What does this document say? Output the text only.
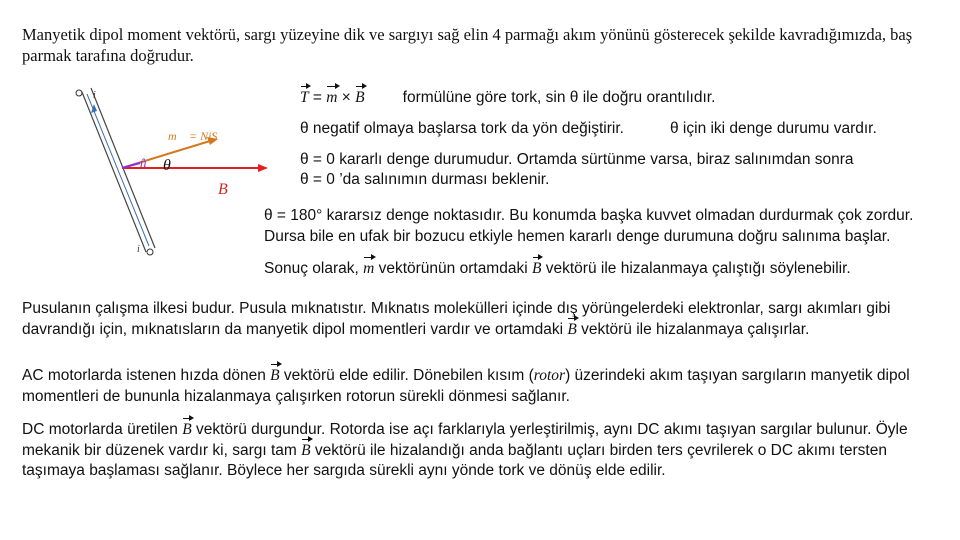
Manyetik dipol moment vektörü, sargı yüzeyine dik ve sargıyı sağ elin 4 parmağı akım yönünü gösterecek şekilde kavradığımızda, baş parmak tarafına doğrudur.

i
i
B⃗
m⃗ = NiS⃗
n̂ θ
T = m × B formülüne göre tork, sin θ ile doğru orantılıdır.

θ negatif olmaya başlarsa tork da yön değiştirir.	θ için iki denge durumu vardır.

θ = 0 kararlı denge durumudur. Ortamda sürtünme varsa, biraz salınımdan sonra

θ = 0 ’da salınımın durması beklenir.

θ = 180° kararsız denge noktasıdır. Bu konumda başka kuvvet olmadan durdurmak çok zordur.

Dursa bile en ufak bir bozucu etkiyle hemen kararlı denge durumuna doğru salınıma başlar.

Sonuç olarak, m vektörünün ortamdaki B vektörü ile hizalanmaya çalıştığı söylenebilir.

Pusulanın çalışma ilkesi budur. Pusula mıknatıstır. Mıknatıs molekülleri içinde dış yörüngelerdeki elektronlar, sargı akımları gibi davrandığı için, mıknatısların da manyetik dipol momentleri vardır ve ortamdaki B vektörü ile hizalanmaya çalışırlar.

AC motorlarda istenen hızda dönen B vektörü elde edilir. Dönebilen kısım (rotor) üzerindeki akım taşıyan sargıların manyetik dipol momentleri de bununla hizalanmaya çalışırken rotorun sürekli dönmesi sağlanır.

DC motorlarda üretilen B vektörü durgundur. Rotorda ise açı farklarıyla yerleştirilmiş, aynı DC akımı taşıyan sargılar bulunur. Öyle mekanik bir düzenek vardır ki, sargı tam B vektörü ile hizalandığı anda bağlantı uçları birden ters çevrilerek o DC akımı tersten taşımaya başlaması sağlanır. Böylece her sargıda sürekli aynı yönde tork ve dönüş elde edilir.
